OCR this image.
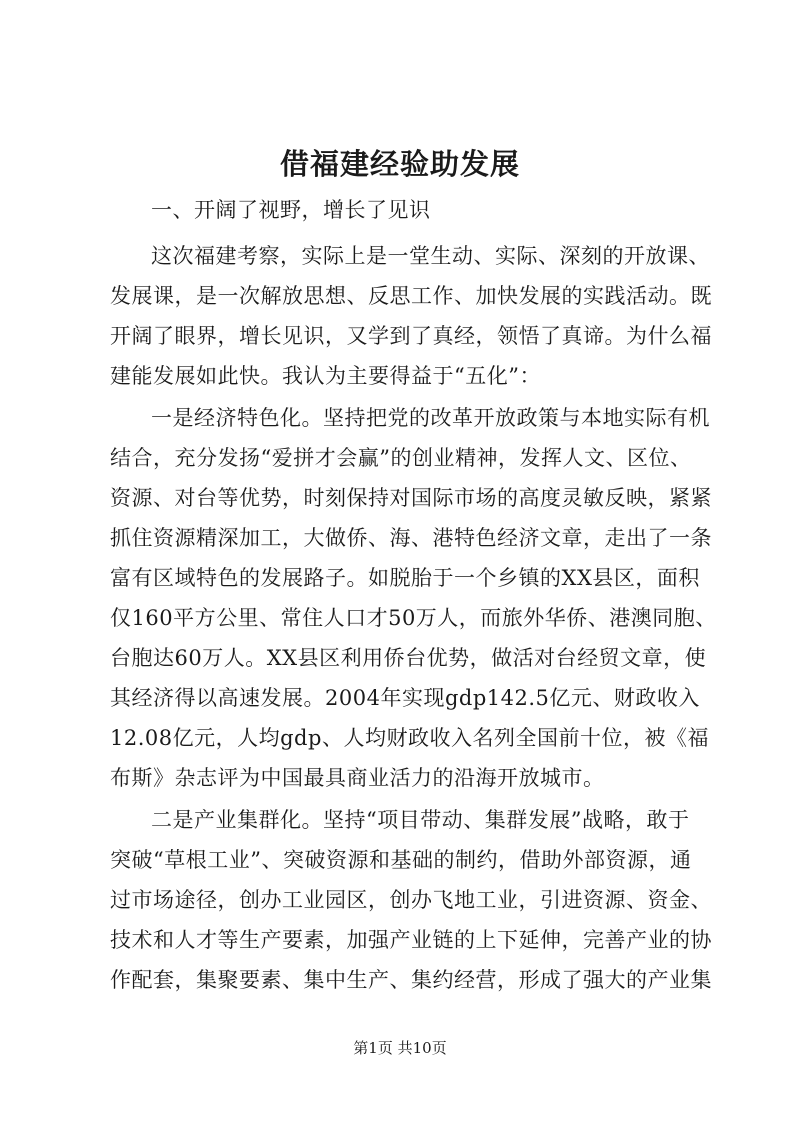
借福建经验助发展
一、开阔了视野，增长了见识
这次福建考察，实际上是一堂生动、实际、深刻的开放课、
发展课，是一次解放思想、反思工作、加快发展的实践活动。既
开阔了眼界，增长见识，又学到了真经，领悟了真谛。为什么福
建能发展如此快。我认为主要得益于“五化”：
一是经济特色化。坚持把党的改革开放政策与本地实际有机
结合，充分发扬“爱拼才会赢”的创业精神，发挥人文、区位、
资源、对台等优势，时刻保持对国际市场的高度灵敏反映，紧紧
抓住资源精深加工，大做侨、海、港特色经济文章，走出了一条
富有区域特色的发展路子。如脱胎于一个乡镇的XX县区，面积
仅160平方公里、常住人口才50万人，而旅外华侨、港澳同胞、
台胞达60万人。XX县区利用侨台优势，做活对台经贸文章，使
其经济得以高速发展。2004年实现gdp142.5亿元、财政收入
12.08亿元，人均gdp、人均财政收入名列全国前十位，被《福
布斯》杂志评为中国最具商业活力的沿海开放城市。
二是产业集群化。坚持“项目带动、集群发展”战略，敢于
突破“草根工业”、突破资源和基础的制约，借助外部资源，通
过市场途径，创办工业园区，创办飞地工业，引进资源、资金、
技术和人才等生产要素，加强产业链的上下延伸，完善产业的协
作配套，集聚要素、集中生产、集约经营，形成了强大的产业集
第1页 共10页
